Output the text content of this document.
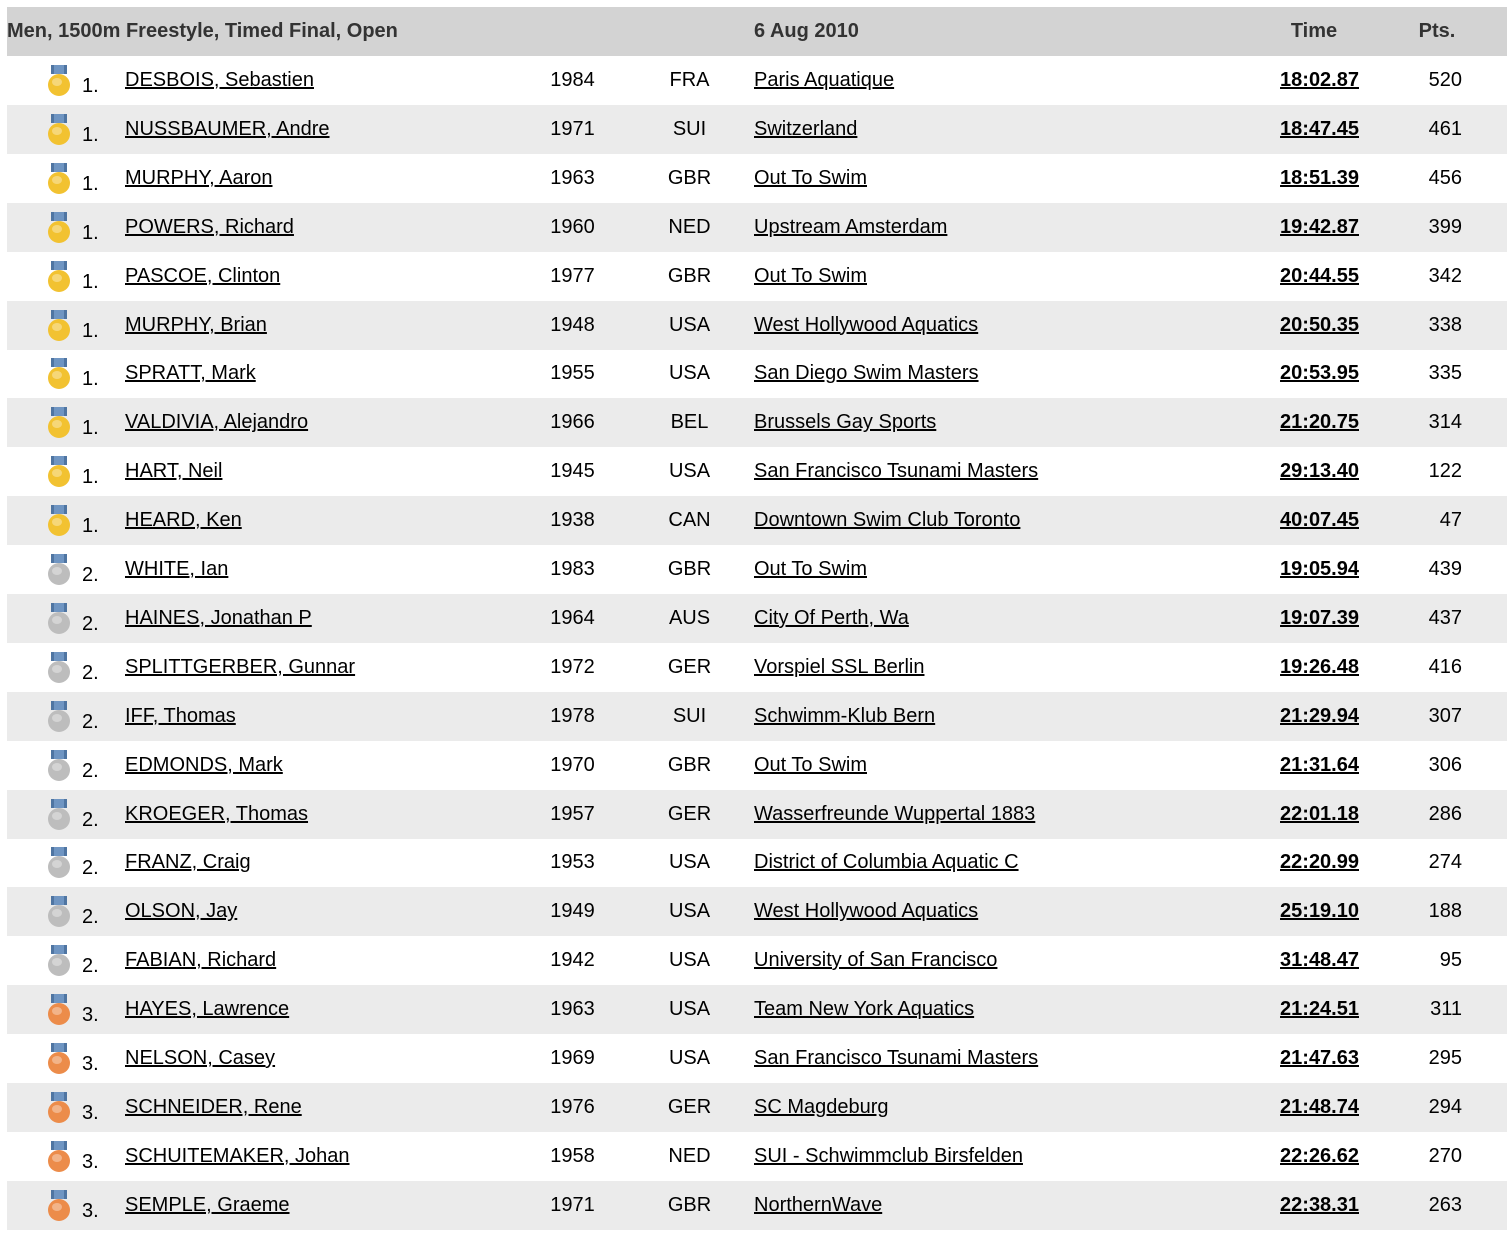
Men, 1500m Freestyle, Timed Final, Open	6 Aug 2010	Time	Pts.
1. DESBOIS, Sebastien	1984	FRA	Paris Aquatique	18:02.87	520
1. NUSSBAUMER, Andre	1971	SUI	Switzerland	18:47.45	461
1. MURPHY, Aaron	1963	GBR	Out To Swim	18:51.39	456
1. POWERS, Richard	1960	NED	Upstream Amsterdam	19:42.87	399
1. PASCOE, Clinton	1977	GBR	Out To Swim	20:44.55	342
1. MURPHY, Brian	1948	USA	West Hollywood Aquatics	20:50.35	338
1. SPRATT, Mark	1955	USA	San Diego Swim Masters	20:53.95	335
1. VALDIVIA, Alejandro	1966	BEL	Brussels Gay Sports	21:20.75	314
1. HART, Neil	1945	USA	San Francisco Tsunami Masters	29:13.40	122
1. HEARD, Ken	1938	CAN	Downtown Swim Club Toronto	40:07.45	47
2. WHITE, Ian	1983	GBR	Out To Swim	19:05.94	439
2. HAINES, Jonathan P	1964	AUS	City Of Perth, Wa	19:07.39	437
2. SPLITTGERBER, Gunnar	1972	GER	Vorspiel SSL Berlin	19:26.48	416
2. IFF, Thomas	1978	SUI	Schwimm-Klub Bern	21:29.94	307
2. EDMONDS, Mark	1970	GBR	Out To Swim	21:31.64	306
2. KROEGER, Thomas	1957	GER	Wasserfreunde Wuppertal 1883	22:01.18	286
2. FRANZ, Craig	1953	USA	District of Columbia Aquatic C	22:20.99	274
2. OLSON, Jay	1949	USA	West Hollywood Aquatics	25:19.10	188
2. FABIAN, Richard	1942	USA	University of San Francisco	31:48.47	95
3. HAYES, Lawrence	1963	USA	Team New York Aquatics	21:24.51	311
3. NELSON, Casey	1969	USA	San Francisco Tsunami Masters	21:47.63	295
3. SCHNEIDER, Rene	1976	GER	SC Magdeburg	21:48.74	294
3. SCHUITEMAKER, Johan	1958	NED	SUI - Schwimmclub Birsfelden	22:26.62	270
3. SEMPLE, Graeme	1971	GBR	NorthernWave	22:38.31	263
